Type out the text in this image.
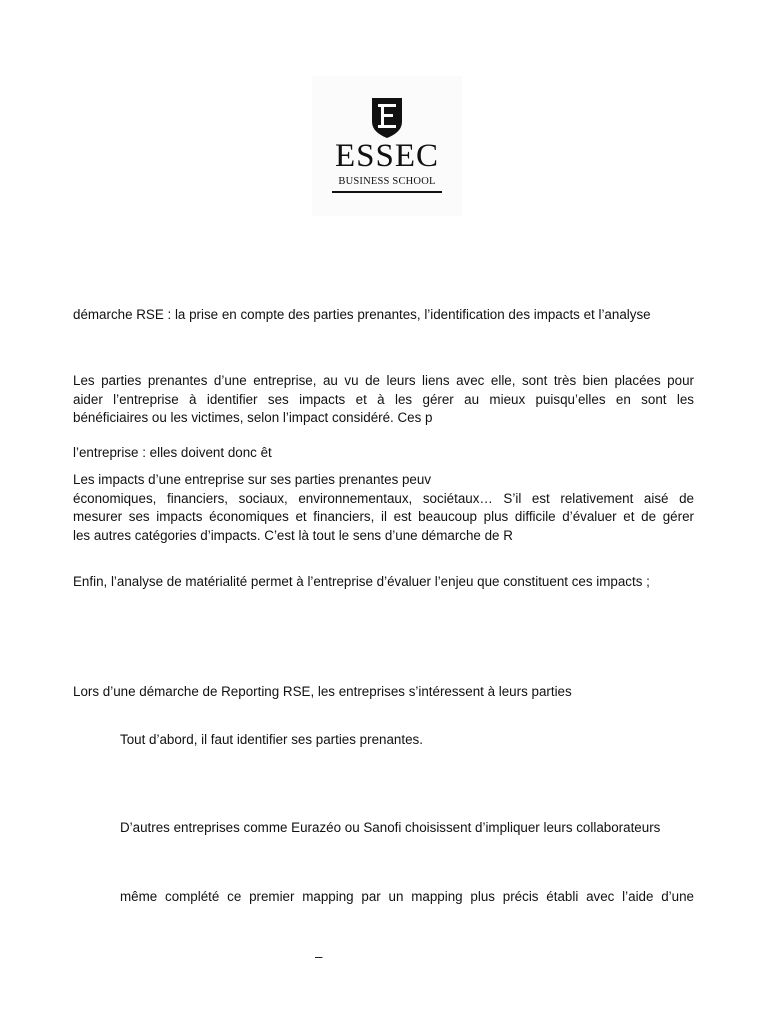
ESSEC
BUSINESS SCHOOL

démarche RSE : la prise en compte des parties prenantes, l’identification des impacts et l’analyse

Les parties prenantes d’une entreprise, au vu de leurs liens avec elle, sont très bien placées pour
aider l’entreprise à identifier ses impacts et à les gérer au mieux puisqu’elles en sont les
bénéficiaires ou les victimes, selon l’impact considéré. Ces p

l’entreprise : elles doivent donc êt

Les impacts d’une entreprise sur ses parties prenantes peuv
économiques, financiers, sociaux, environnementaux, sociétaux… S’il est relativement aisé de
mesurer ses impacts économiques et financiers, il est beaucoup plus difficile d’évaluer et de gérer
les autres catégories d’impacts. C’est là tout le sens d’une démarche de R

Enfin, l’analyse de matérialité permet à l’entreprise d’évaluer l’enjeu que constituent ces impacts ;

Lors d’une démarche de Reporting RSE, les entreprises s’intéressent à leurs parties

Tout d’abord, il faut identifier ses parties prenantes.

D’autres entreprises comme Eurazéo ou Sanofi choisissent d’impliquer leurs collaborateurs

même complété ce premier mapping par un mapping plus précis établi avec l’aide d’une

–
